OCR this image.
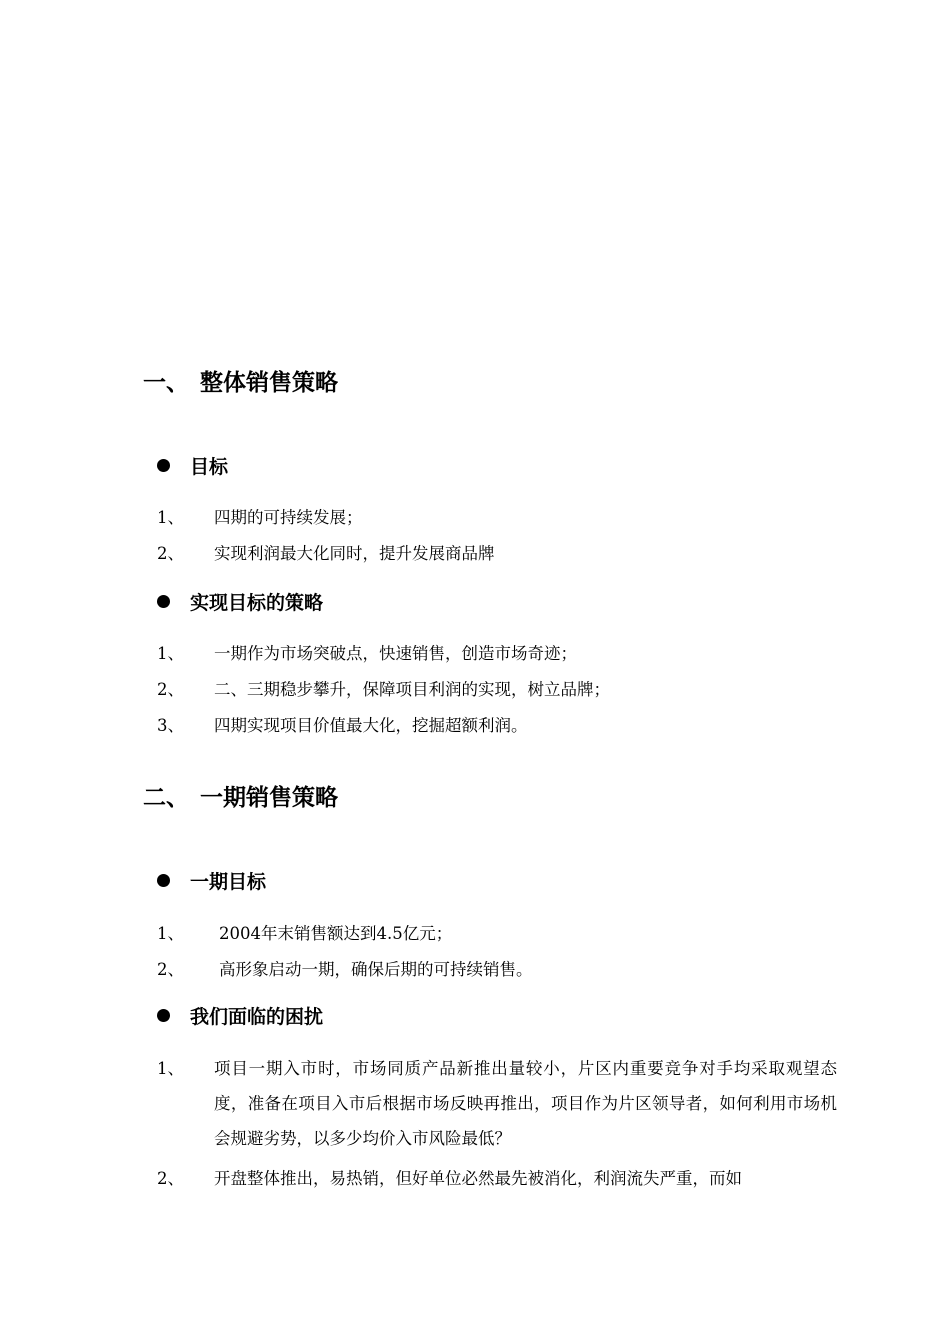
一、 整体销售策略
目标
1、 四期的可持续发展；
2、 实现利润最大化同时，提升发展商品牌
实现目标的策略
1、 一期作为市场突破点，快速销售，创造市场奇迹；
2、 二、三期稳步攀升，保障项目利润的实现，树立品牌；
3、 四期实现项目价值最大化，挖掘超额利润。
二、 一期销售策略
一期目标
1、 2004年末销售额达到4.5亿元；
2、 高形象启动一期，确保后期的可持续销售。
我们面临的困扰
1、 项目一期入市时，市场同质产品新推出量较小，片区内重要竞争对手均采取观望态度，准备在项目入市后根据市场反映再推出，项目作为片区领导者，如何利用市场机会规避劣势，以多少均价入市风险最低？
2、 开盘整体推出，易热销，但好单位必然最先被消化，利润流失严重，而如
